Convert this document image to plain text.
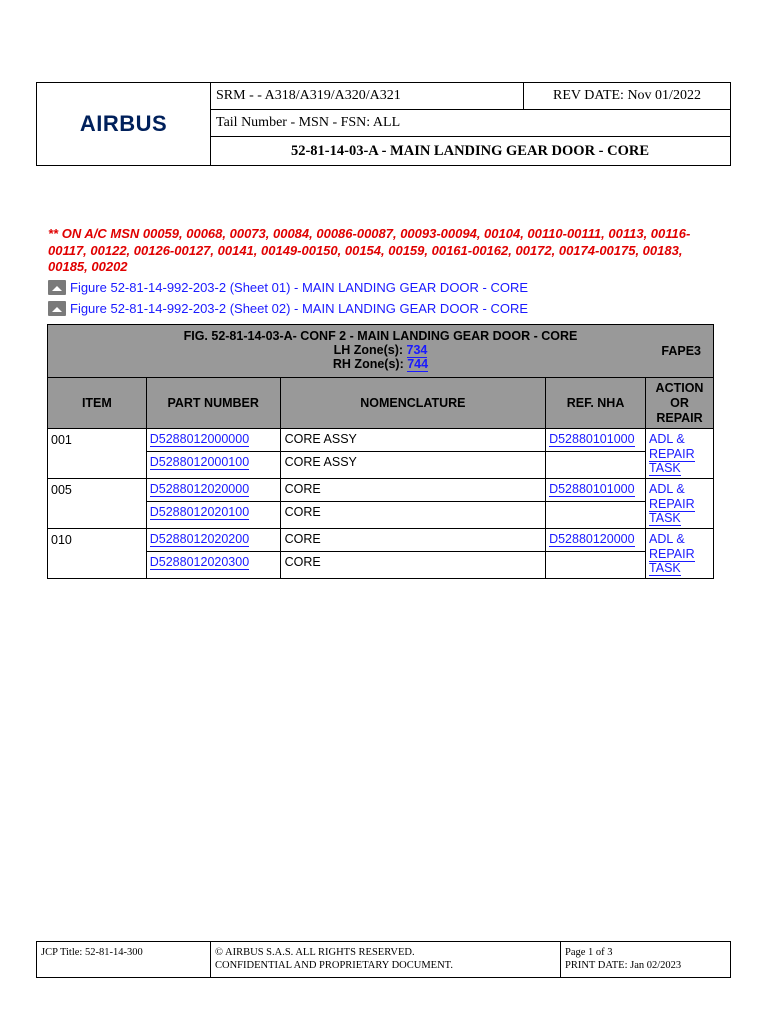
AIRBUS
SRM - - A318/A319/A320/A321	REV DATE: Nov 01/2022
Tail Number - MSN - FSN: ALL
52-81-14-03-A - MAIN LANDING GEAR DOOR - CORE
** ON A/C MSN 00059, 00068, 00073, 00084, 00086-00087, 00093-00094, 00104, 00110-00111, 00113, 00116-00117, 00122, 00126-00127, 00141, 00149-00150, 00154, 00159, 00161-00162, 00172, 00174-00175, 00183, 00185, 00202
Figure 52-81-14-992-203-2 (Sheet 01) - MAIN LANDING GEAR DOOR - CORE
Figure 52-81-14-992-203-2 (Sheet 02) - MAIN LANDING GEAR DOOR - CORE
FIG. 52-81-14-03-A- CONF 2 - MAIN LANDING GEAR DOOR - CORE
LH Zone(s): 734
RH Zone(s): 744
FAPE3				

ITEM	PART NUMBER	NOMENCLATURE	REF. NHA	ACTION
OR
REPAIR
001	D5288012000000	CORE ASSY	D52880101000	ADL &
REPAIR
TASK

	D5288012000100	CORE ASSY		
005	D5288012020000	CORE	D52880101000	ADL &
REPAIR
TASK

	D5288012020100	CORE		
010	D5288012020200	CORE	D52880120000	ADL &
REPAIR
TASK

	D5288012020300	CORE		
JCP Title: 52-81-14-300	© AIRBUS S.A.S. ALL RIGHTS RESERVED.
CONFIDENTIAL AND PROPRIETARY DOCUMENT.
Page 1 of 3
PRINT DATE: Jan 02/2023
